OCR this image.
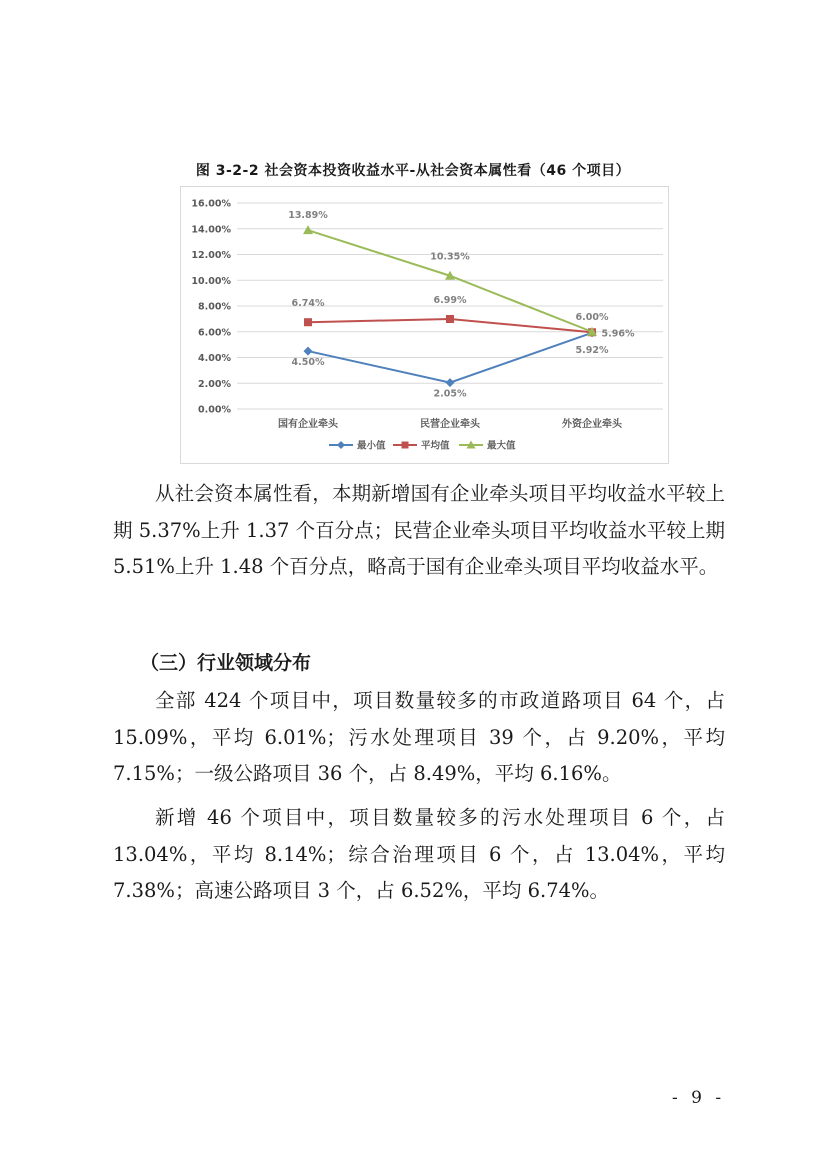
图 3-2-2 社会资本投资收益水平-从社会资本属性看（46 个项目）
0.00%
2.00%
4.00%
6.00%
8.00%
10.00%
12.00%
14.00%
16.00%
国有企业牵头	民营企业牵头	外资企业牵头
4.50%
2.05%
5.92%
6.74%	6.99%
5.96%
13.89%
10.35%
6.00%
最小值	平均值	最大值

从社会资本属性看，本期新增国有企业牵头项目平均收益水平较上期 5.37%上升 1.37 个百分点；民营企业牵头项目平均收益水平较上期 5.51%上升 1.48 个百分点，略高于国有企业牵头项目平均收益水平。

（三）行业领域分布

全部 424 个项目中，项目数量较多的市政道路项目 64 个，占 15.09%，平均 6.01%；污水处理项目 39 个，占 9.20%，平均 7.15%；一级公路项目 36 个，占 8.49%，平均 6.16%。

新增 46 个项目中，项目数量较多的污水处理项目 6 个，占 13.04%，平均 8.14%；综合治理项目 6 个，占 13.04%，平均 7.38%；高速公路项目 3 个，占 6.52%，平均 6.74%。

- 9 -
